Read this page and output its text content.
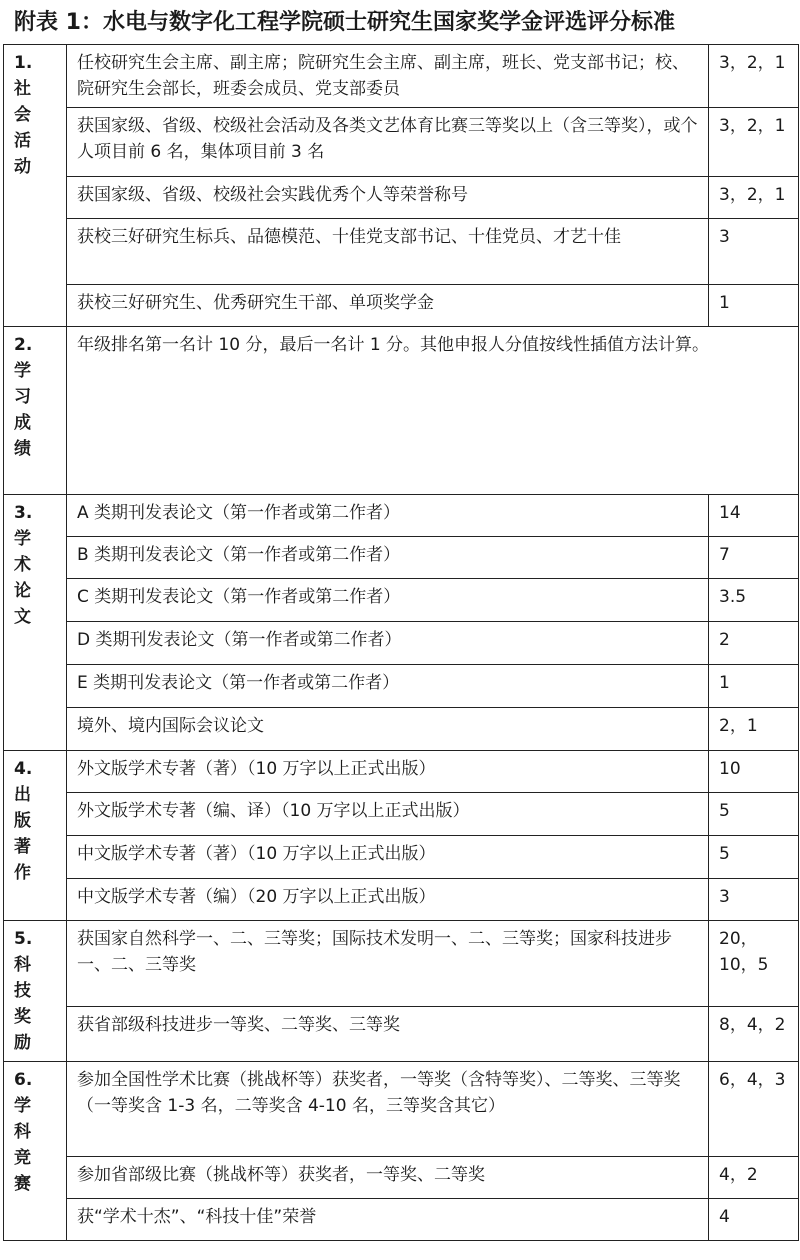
附表 1：水电与数字化工程学院硕士研究生国家奖学金评选评分标准
1.
社
会
活
动	任校研究生会主席、副主席；院研究生会主席、副主席，班长、党支部书记；校、院研究生会部长，班委会成员、党支部委员	3，2，1
	获国家级、省级、校级社会活动及各类文艺体育比赛三等奖以上（含三等奖），或个人项目前 6 名，集体项目前 3 名	3，2，1
	获国家级、省级、校级社会实践优秀个人等荣誉称号	3，2，1
	获校三好研究生标兵、品德模范、十佳党支部书记、十佳党员、才艺十佳	3
	获校三好研究生、优秀研究生干部、单项奖学金	1

2.
学
习
成
绩	年级排名第一名计 10 分，最后一名计 1 分。其他申报人分值按线性插值方法计算。	

3.
学
术
论
文	A 类期刊发表论文（第一作者或第二作者）	14
	B 类期刊发表论文（第一作者或第二作者）	7
	C 类期刊发表论文（第一作者或第二作者）	3.5
	D 类期刊发表论文（第一作者或第二作者）	2
	E 类期刊发表论文（第一作者或第二作者）	1
	境外、境内国际会议论文	2，1

4.
出
版
著
作	外文版学术专著（著）（10 万字以上正式出版）	10
	外文版学术专著（编、译）（10 万字以上正式出版）	5
	中文版学术专著（著）（10 万字以上正式出版）	5
	中文版学术专著（编）（20 万字以上正式出版）	3

5.
科
技
奖
励	获国家自然科学一、二、三等奖；国际技术发明一、二、三等奖；国家科技进步一、二、三等奖	20，10，5
	获省部级科技进步一等奖、二等奖、三等奖	8，4，2

6.
学
科
竞
赛	参加全国性学术比赛（挑战杯等）获奖者，一等奖（含特等奖）、二等奖、三等奖（一等奖含 1-3 名，二等奖含 4-10 名，三等奖含其它）	6，4，3
	参加省部级比赛（挑战杯等）获奖者，一等奖、二等奖	4，2
	获“学术十杰”、“科技十佳”荣誉	4
